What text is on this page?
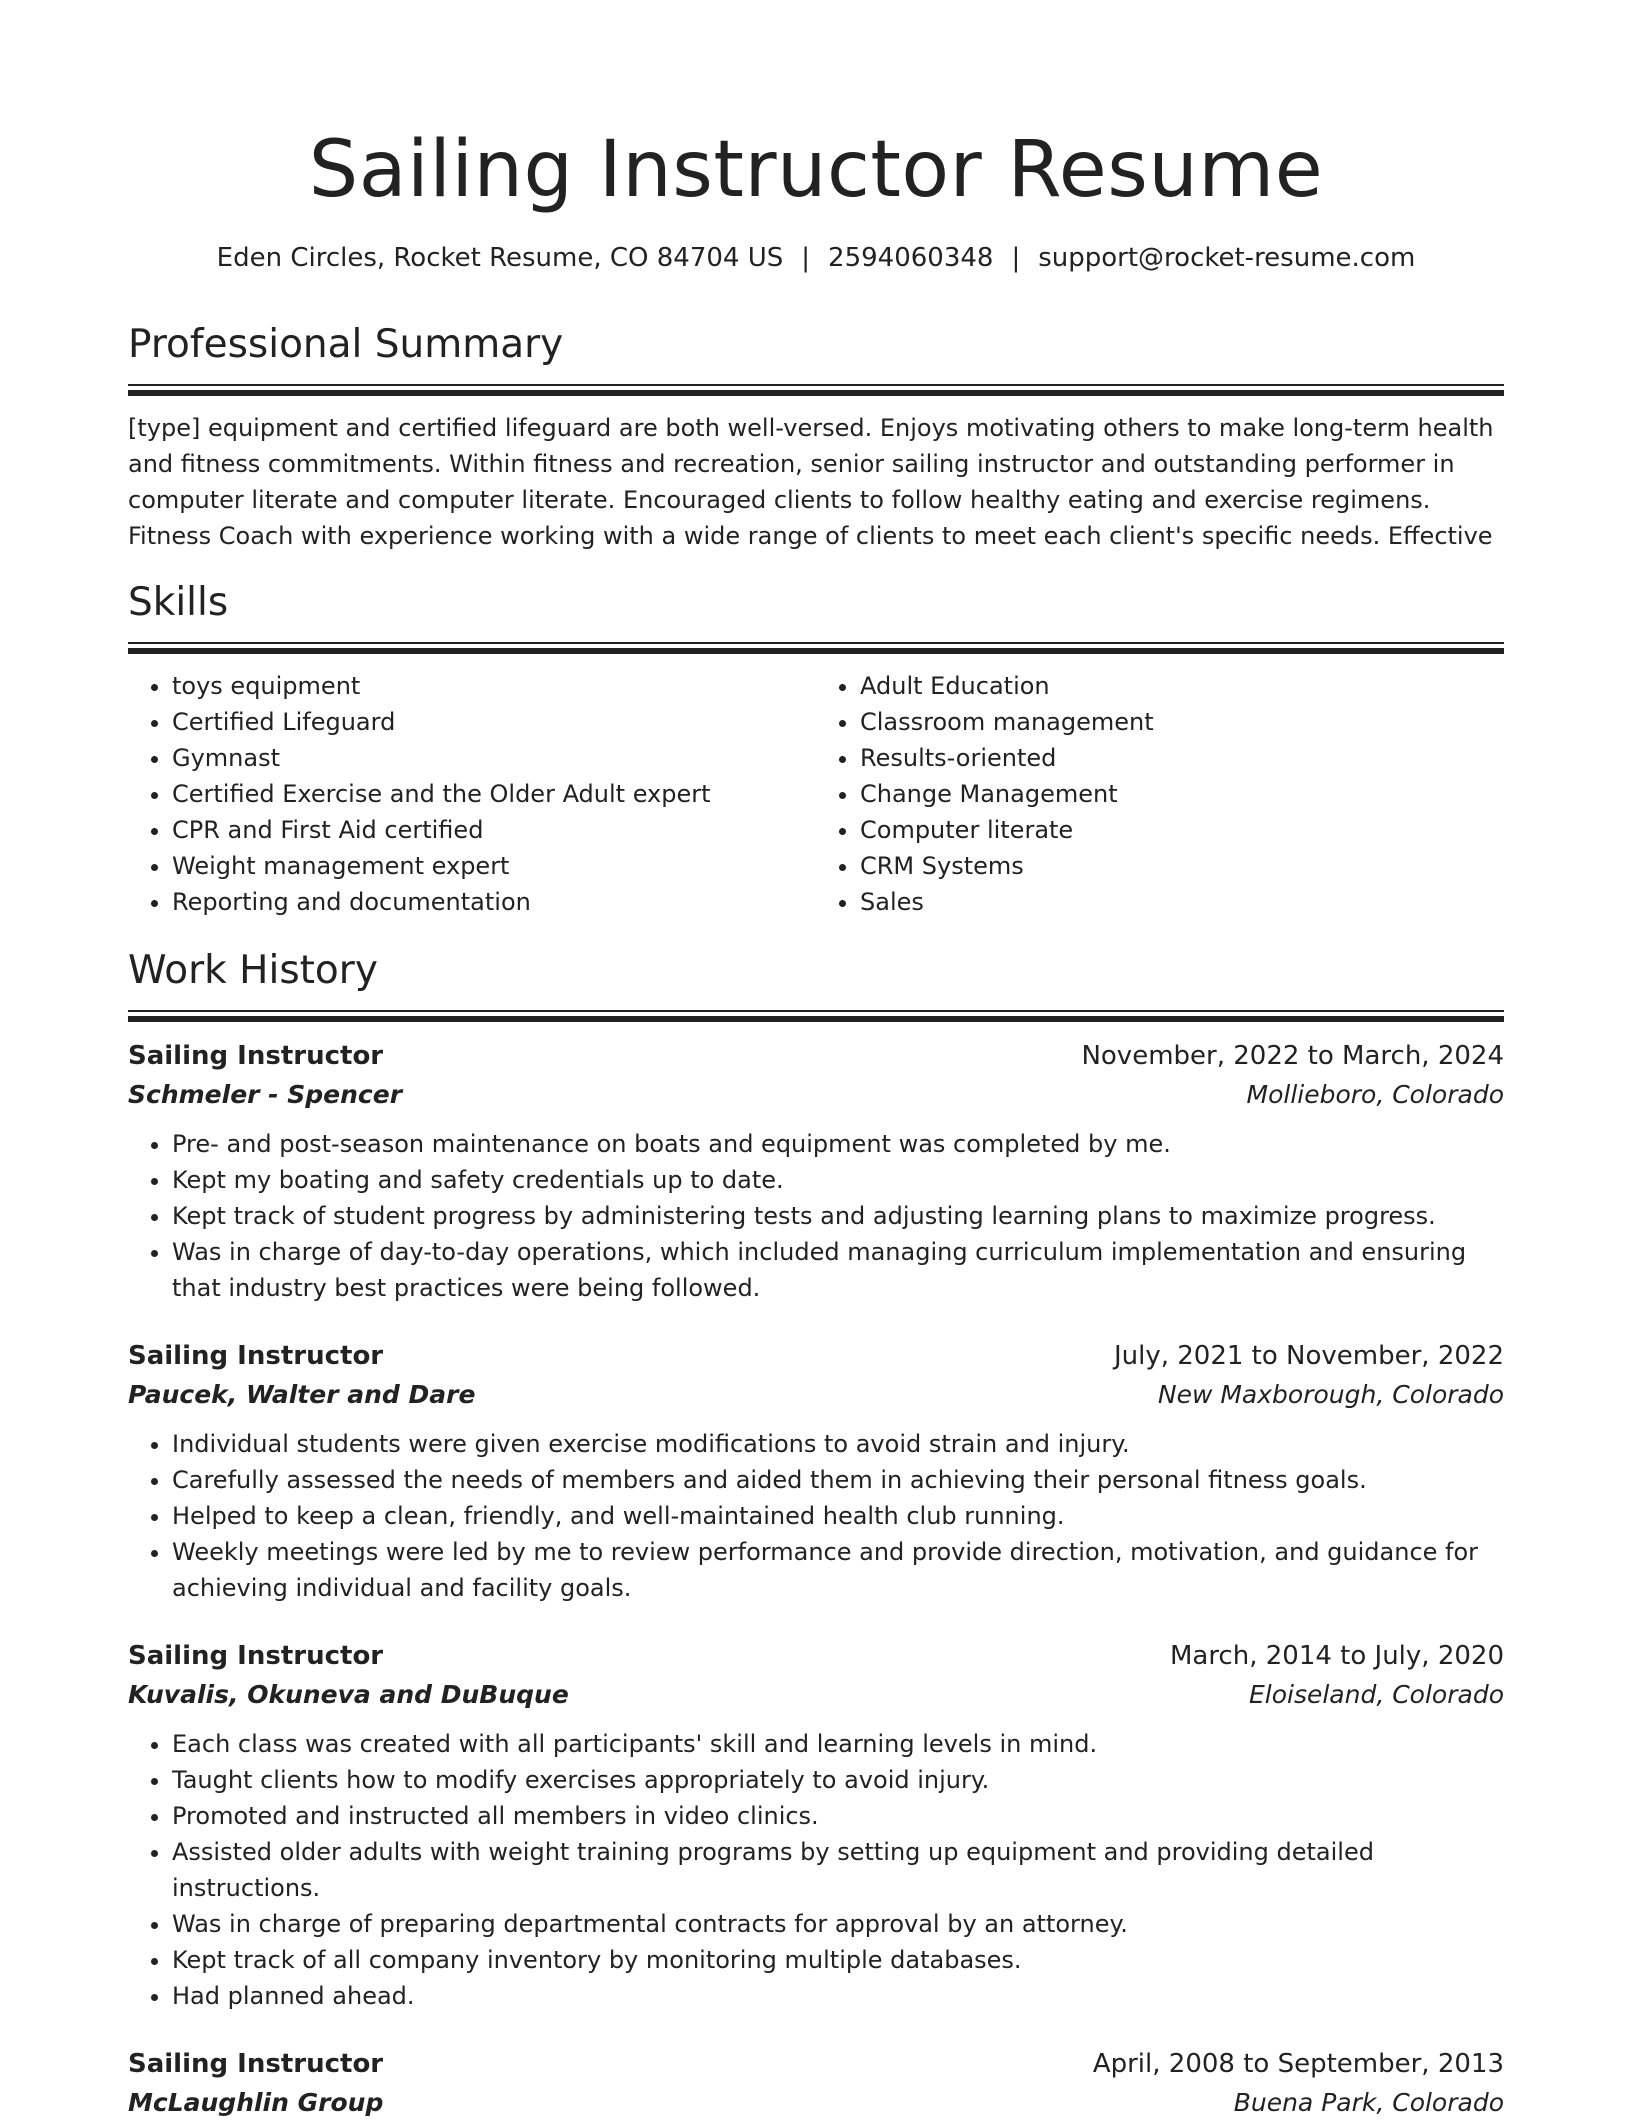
Sailing Instructor Resume
Eden Circles, Rocket Resume, CO 84704 US | 2594060348 | support@rocket-resume.com
Professional Summary

[type] equipment and certified lifeguard are both well-versed. Enjoys motivating others to make long-term health and fitness commitments. Within fitness and recreation, senior sailing instructor and outstanding performer in computer literate and computer literate. Encouraged clients to follow healthy eating and exercise regimens. Fitness Coach with experience working with a wide range of clients to meet each client's specific needs. Effective

Skills
• toys equipment
• Certified Lifeguard
• Gymnast
• Certified Exercise and the Older Adult expert
• CPR and First Aid certified
• Weight management expert
• Reporting and documentation
• Adult Education
• Classroom management
• Results-oriented
• Change Management
• Computer literate
• CRM Systems
• Sales
Work History
Sailing Instructor	November, 2022 to March, 2024
Schmeler - Spencer	Mollieboro, Colorado
• Pre- and post-season maintenance on boats and equipment was completed by me.
• Kept my boating and safety credentials up to date.
• Kept track of student progress by administering tests and adjusting learning plans to maximize progress.
• Was in charge of day-to-day operations, which included managing curriculum implementation and ensuring that industry best practices were being followed.
Sailing Instructor	July, 2021 to November, 2022
Paucek, Walter and Dare	New Maxborough, Colorado
• Individual students were given exercise modifications to avoid strain and injury.
• Carefully assessed the needs of members and aided them in achieving their personal fitness goals.
• Helped to keep a clean, friendly, and well-maintained health club running.
• Weekly meetings were led by me to review performance and provide direction, motivation, and guidance for achieving individual and facility goals.
Sailing Instructor	March, 2014 to July, 2020
Kuvalis, Okuneva and DuBuque	Eloiseland, Colorado
• Each class was created with all participants' skill and learning levels in mind.
• Taught clients how to modify exercises appropriately to avoid injury.
• Promoted and instructed all members in video clinics.
• Assisted older adults with weight training programs by setting up equipment and providing detailed instructions.
• Was in charge of preparing departmental contracts for approval by an attorney.
• Kept track of all company inventory by monitoring multiple databases.
• Had planned ahead.
Sailing Instructor	April, 2008 to September, 2013
McLaughlin Group	Buena Park, Colorado
